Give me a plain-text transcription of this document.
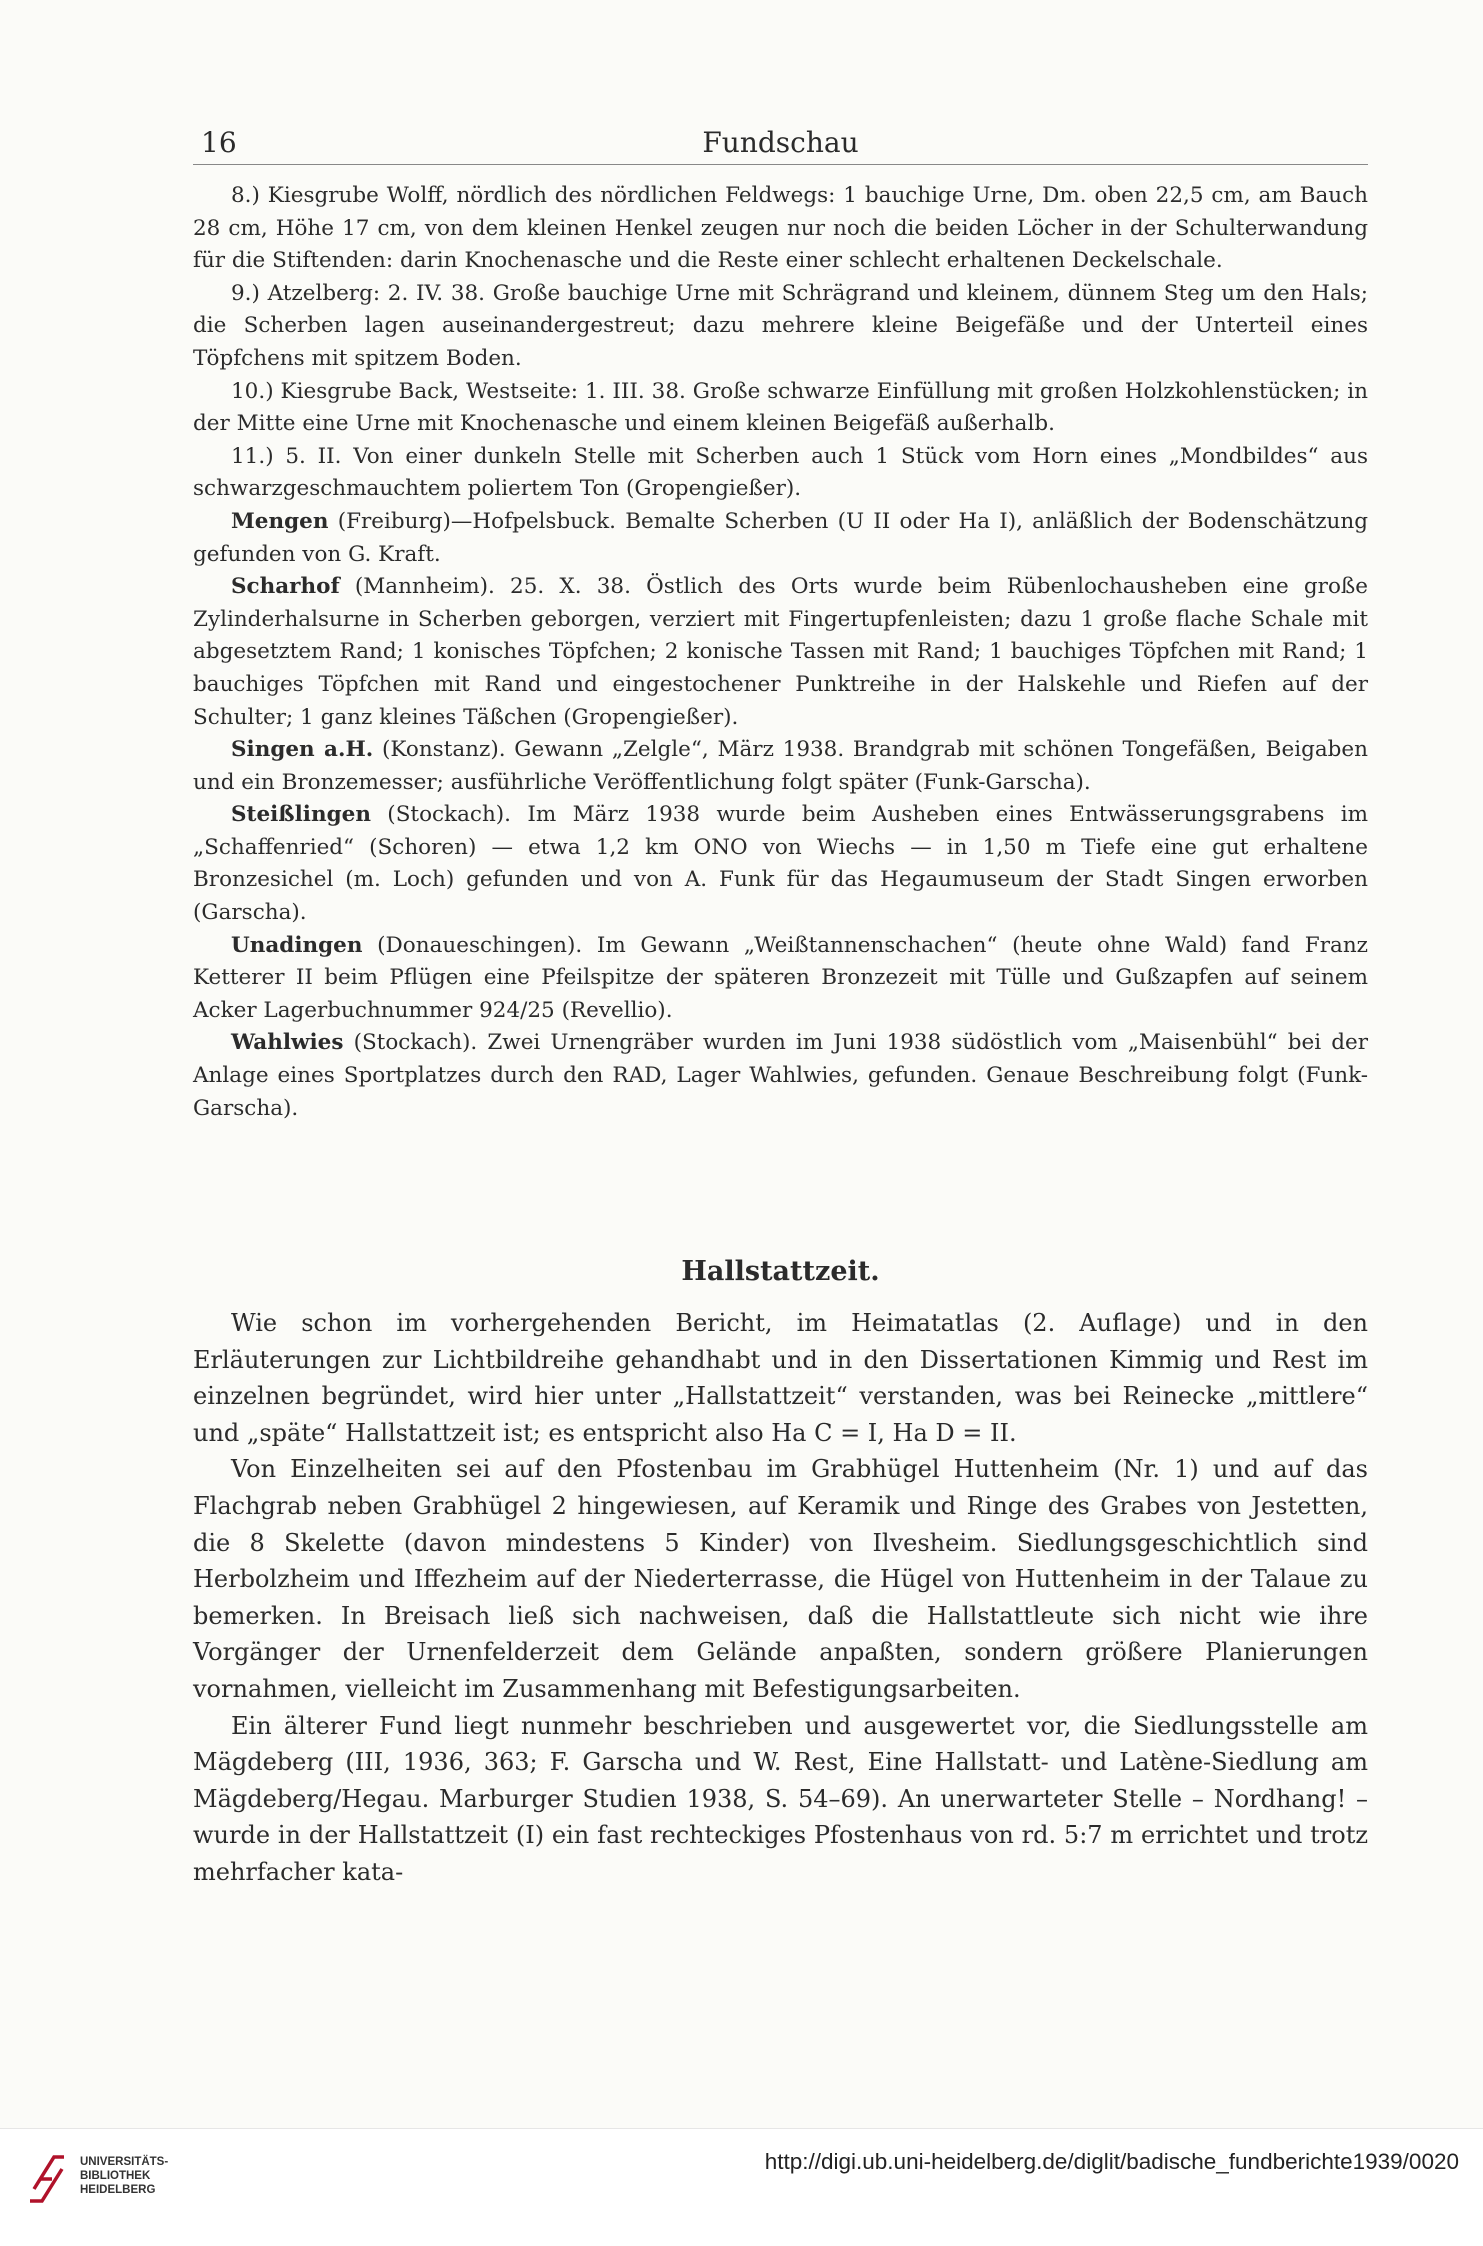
16	Fundschau

8.) Kiesgrube Wolff, nördlich des nördlichen Feldwegs: 1 bauchige Urne, Dm. oben 22,5 cm, am Bauch 28 cm, Höhe 17 cm, von dem kleinen Henkel zeugen nur noch die beiden Löcher in der Schulterwandung für die Stiftenden: darin Knochenasche und die Reste einer schlecht erhaltenen Deckelschale.

9.) Atzelberg: 2. IV. 38. Große bauchige Urne mit Schrägrand und kleinem, dünnem Steg um den Hals; die Scherben lagen auseinandergestreut; dazu mehrere kleine Beigefäße und der Unterteil eines Töpfchens mit spitzem Boden.

10.) Kiesgrube Back, Westseite: 1. III. 38. Große schwarze Einfüllung mit großen Holzkohlenstücken; in der Mitte eine Urne mit Knochenasche und einem kleinen Beigefäß außerhalb.

11.) 5. II. Von einer dunkeln Stelle mit Scherben auch 1 Stück vom Horn eines „Mondbildes“ aus schwarzgeschmauchtem poliertem Ton (Gropengießer).

Mengen (Freiburg)—Hofpelsbuck. Bemalte Scherben (U II oder Ha I), anläßlich der Bodenschätzung gefunden von G. Kraft.

Scharhof (Mannheim). 25. X. 38. Östlich des Orts wurde beim Rübenlochausheben eine große Zylinderhalsurne in Scherben geborgen, verziert mit Fingertupfenleisten; dazu 1 große flache Schale mit abgesetztem Rand; 1 konisches Töpfchen; 2 konische Tassen mit Rand; 1 bauchiges Töpfchen mit Rand; 1 bauchiges Töpfchen mit Rand und eingestochener Punktreihe in der Halskehle und Riefen auf der Schulter; 1 ganz kleines Täßchen (Gropengießer).

Singen a.H. (Konstanz). Gewann „Zelgle“, März 1938. Brandgrab mit schönen Tongefäßen, Beigaben und ein Bronzemesser; ausführliche Veröffentlichung folgt später (Funk-Garscha).

Steißlingen (Stockach). Im März 1938 wurde beim Ausheben eines Entwässerungsgrabens im „Schaffenried“ (Schoren) — etwa 1,2 km ONO von Wiechs — in 1,50 m Tiefe eine gut erhaltene Bronzesichel (m. Loch) gefunden und von A. Funk für das Hegaumuseum der Stadt Singen erworben (Garscha).

Unadingen (Donaueschingen). Im Gewann „Weißtannenschachen“ (heute ohne Wald) fand Franz Ketterer II beim Pflügen eine Pfeilspitze der späteren Bronzezeit mit Tülle und Gußzapfen auf seinem Acker Lagerbuchnummer 924/25 (Revellio).

Wahlwies (Stockach). Zwei Urnengräber wurden im Juni 1938 südöstlich vom „Maisenbühl“ bei der Anlage eines Sportplatzes durch den RAD, Lager Wahlwies, gefunden. Genaue Beschreibung folgt (Funk-Garscha).

Hallstattzeit.

Wie schon im vorhergehenden Bericht, im Heimatatlas (2. Auflage) und in den Erläuterungen zur Lichtbildreihe gehandhabt und in den Dissertationen Kimmig und Rest im einzelnen begründet, wird hier unter „Hallstattzeit“ verstanden, was bei Reinecke „mittlere“ und „späte“ Hallstattzeit ist; es entspricht also Ha C = I, Ha D = II.

Von Einzelheiten sei auf den Pfostenbau im Grabhügel Huttenheim (Nr. 1) und auf das Flachgrab neben Grabhügel 2 hingewiesen, auf Keramik und Ringe des Grabes von Jestetten, die 8 Skelette (davon mindestens 5 Kinder) von Ilvesheim. Siedlungsgeschichtlich sind Herbolzheim und Iffezheim auf der Niederterrasse, die Hügel von Huttenheim in der Talaue zu bemerken. In Breisach ließ sich nachweisen, daß die Hallstattleute sich nicht wie ihre Vorgänger der Urnenfelderzeit dem Gelände anpaßten, sondern größere Planierungen vornahmen, vielleicht im Zusammenhang mit Befestigungsarbeiten.

Ein älterer Fund liegt nunmehr beschrieben und ausgewertet vor, die Siedlungsstelle am Mägdeberg (III, 1936, 363; F. Garscha und W. Rest, Eine Hallstatt- und Latène-Siedlung am Mägdeberg/Hegau. Marburger Studien 1938, S. 54–69). An unerwarteter Stelle – Nordhang! – wurde in der Hallstattzeit (I) ein fast rechteckiges Pfostenhaus von rd. 5:7 m errichtet und trotz mehrfacher kata-

UNIVERSITÄTS-
BIBLIOTHEK
HEIDELBERG
http://digi.ub.uni-heidelberg.de/diglit/badische_fundberichte1939/0020
